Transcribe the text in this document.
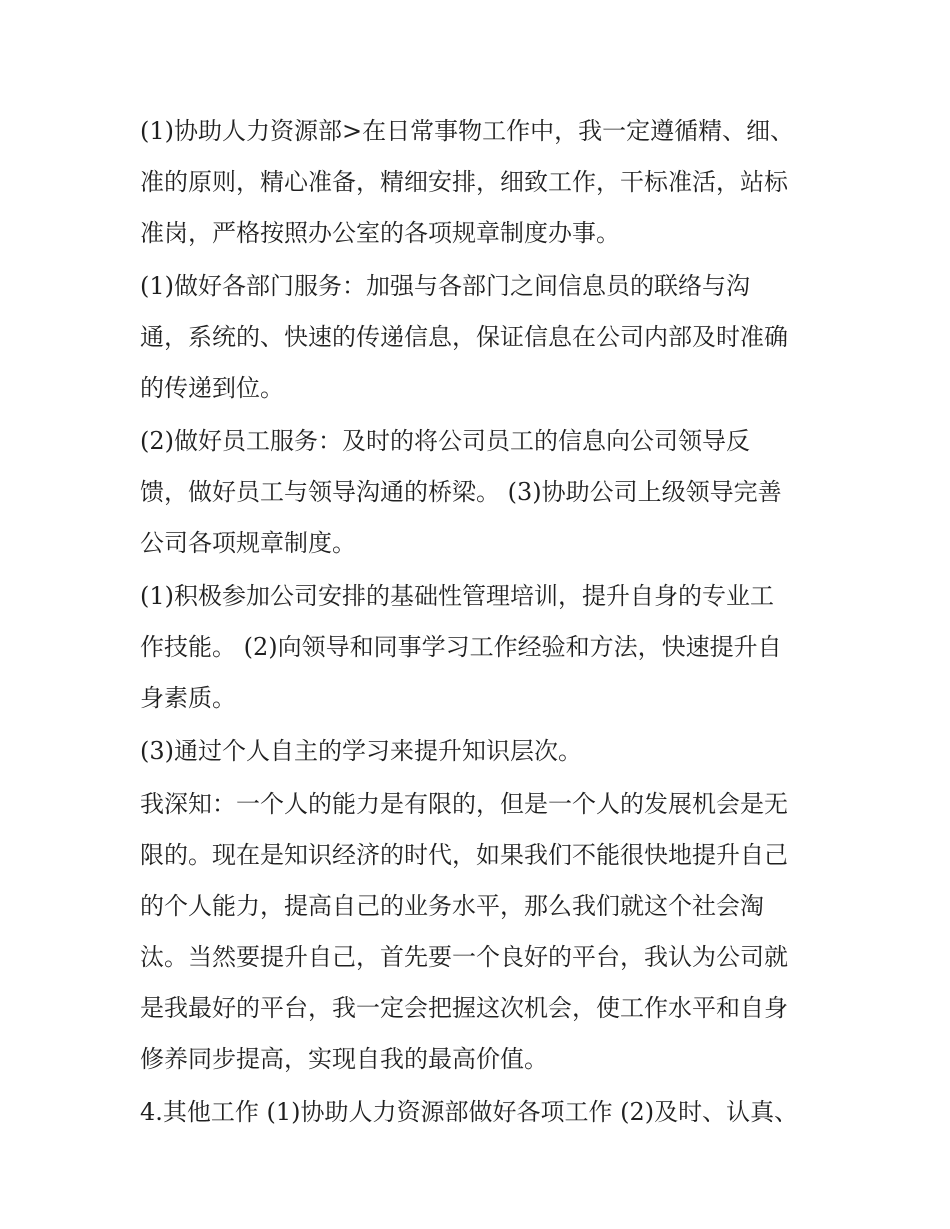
(1)协助人力资源部>在日常事物工作中，我一定遵循精、细、
准的原则，精心准备，精细安排，细致工作，干标准活，站标
准岗，严格按照办公室的各项规章制度办事。

(1)做好各部门服务：加强与各部门之间信息员的联络与沟
通，系统的、快速的传递信息，保证信息在公司内部及时准确
的传递到位。

(2)做好员工服务：及时的将公司员工的信息向公司领导反
馈，做好员工与领导沟通的桥梁。 (3)协助公司上级领导完善
公司各项规章制度。

(1)积极参加公司安排的基础性管理培训，提升自身的专业工
作技能。 (2)向领导和同事学习工作经验和方法，快速提升自
身素质。

(3)通过个人自主的学习来提升知识层次。

我深知：一个人的能力是有限的，但是一个人的发展机会是无
限的。现在是知识经济的时代，如果我们不能很快地提升自己
的个人能力，提高自己的业务水平，那么我们就这个社会淘
汰。当然要提升自己，首先要一个良好的平台，我认为公司就
是我最好的平台，我一定会把握这次机会，使工作水平和自身
修养同步提高，实现自我的最高价值。

4.其他工作 (1)协助人力资源部做好各项工作 (2)及时、认真、
